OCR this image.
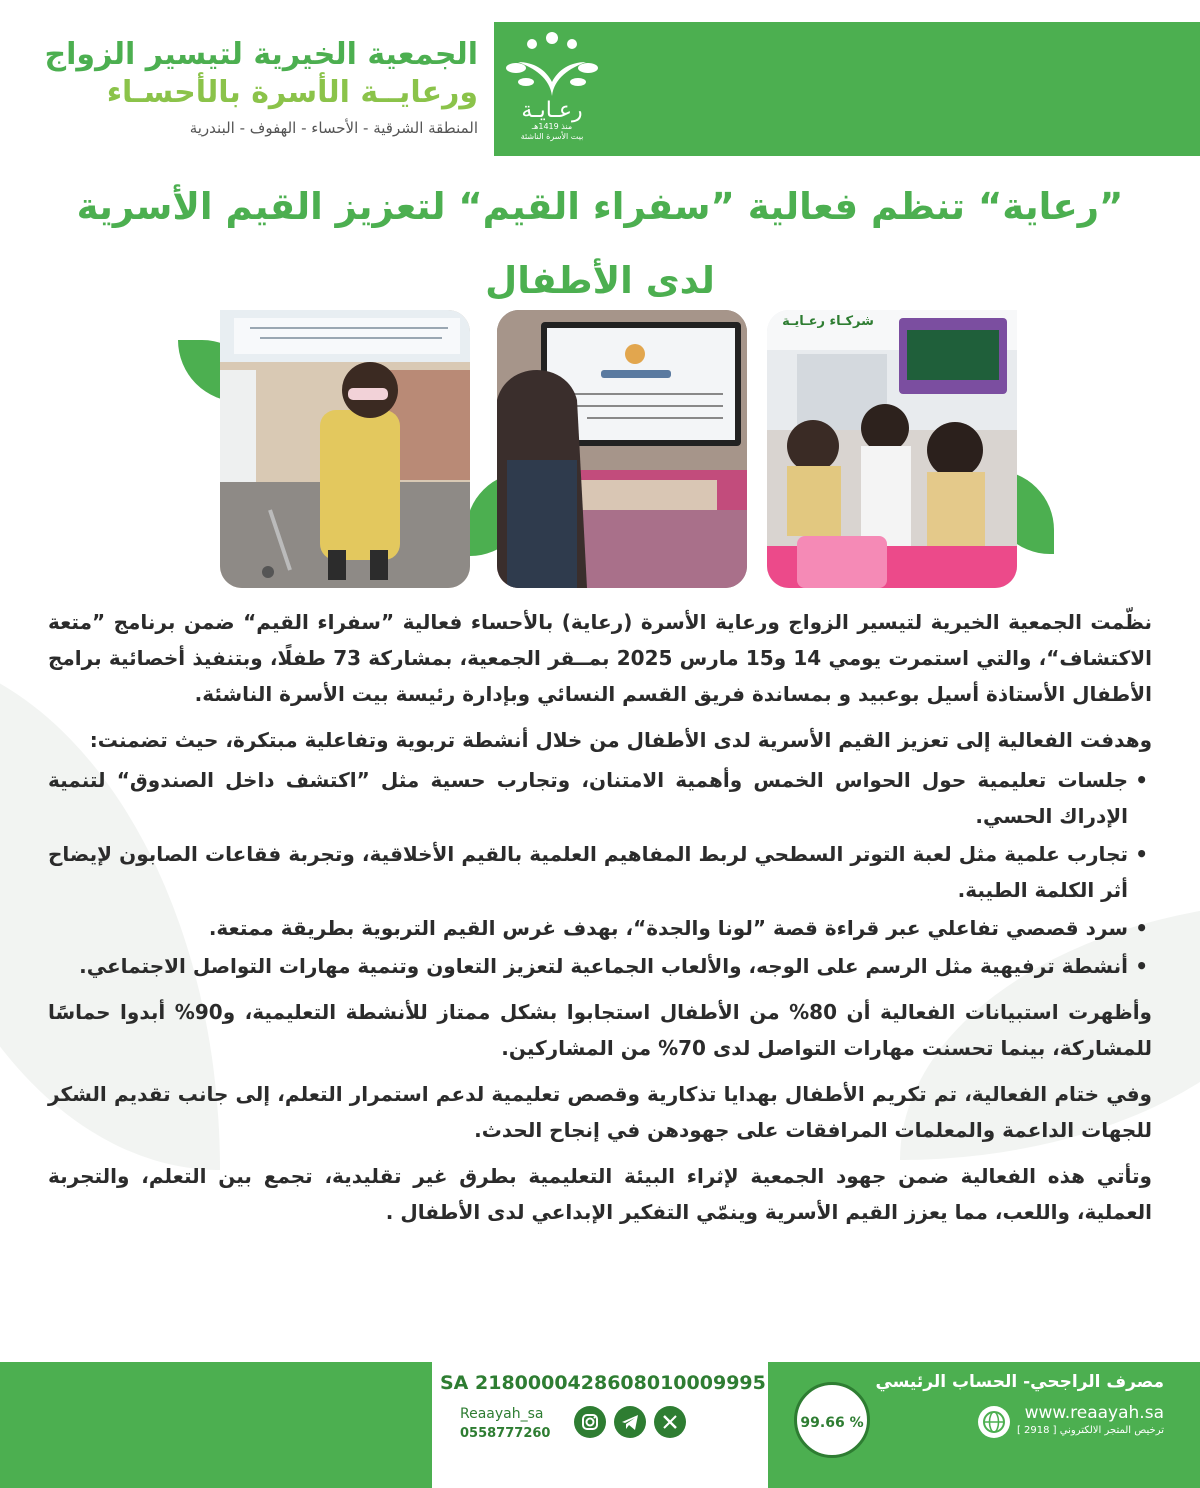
رعـايـة
منذ 1419هـ
بيت الأسرة الناشئة
الجمعية الخيرية لتيسير الزواج
ورعايــة الأسرة بالأحسـاء
المنطقة الشرقية - الأحساء - الهفوف - البندرية
”رعاية“ تنظم فعالية ”سفراء القيم“ لتعزيز القيم الأسرية
لدى الأطفال
شركـاء رعـايـة

نظّمت الجمعية الخيرية لتيسير الزواج ورعاية الأسرة (رعاية) بالأحساء فعالية ”سفراء القيم“ ضمن برنامج ”متعة الاكتشاف“، والتي استمرت يومي 14 و15 مارس 2025 بمــقر الجمعية، بمشاركة 73 طفلًا، وبتنفيذ أخصائية برامج الأطفال الأستاذة أسيل بوعبيد و بمساندة فريق القسم النسائي وبإدارة رئيسة بيت الأسرة الناشئة.

وهدفت الفعالية إلى تعزيز القيم الأسرية لدى الأطفال من خلال أنشطة تربوية وتفاعلية مبتكرة، حيث تضمنت:

• جلسات تعليمية حول الحواس الخمس وأهمية الامتنان، وتجارب حسية مثل ”اكتشف داخل الصندوق“ لتنمية الإدراك الحسي.
• تجارب علمية مثل لعبة التوتر السطحي لربط المفاهيم العلمية بالقيم الأخلاقية، وتجربة فقاعات الصابون لإيضاح أثر الكلمة الطيبة.
• سرد قصصي تفاعلي عبر قراءة قصة ”لونا والجدة“، بهدف غرس القيم التربوية بطريقة ممتعة.
• أنشطة ترفيهية مثل الرسم على الوجه، والألعاب الجماعية لتعزيز التعاون وتنمية مهارات التواصل الاجتماعي.

وأظهرت استبيانات الفعالية أن 80% من الأطفال استجابوا بشكل ممتاز للأنشطة التعليمية، و90% أبدوا حماسًا للمشاركة، بينما تحسنت مهارات التواصل لدى 70% من المشاركين.

وفي ختام الفعالية، تم تكريم الأطفال بهدايا تذكارية وقصص تعليمية لدعم استمرار التعلم، إلى جانب تقديم الشكر للجهات الداعمة والمعلمات المرافقات على جهودهن في إنجاح الحدث.

وتأتي هذه الفعالية ضمن جهود الجمعية لإثراء البيئة التعليمية بطرق غير تقليدية، تجمع بين التعلم، والتجربة العملية، واللعب، مما يعزز القيم الأسرية وينمّي التفكير الإبداعي لدى الأطفال .

SA 2180000428608010009995	مصرف الراجحي- الحساب الرئيسي
Reaayah_sa
0558777260
99.66 %	www.reaayah.sa
ترخيص المتجر الالكتروني [ 2918 ]
